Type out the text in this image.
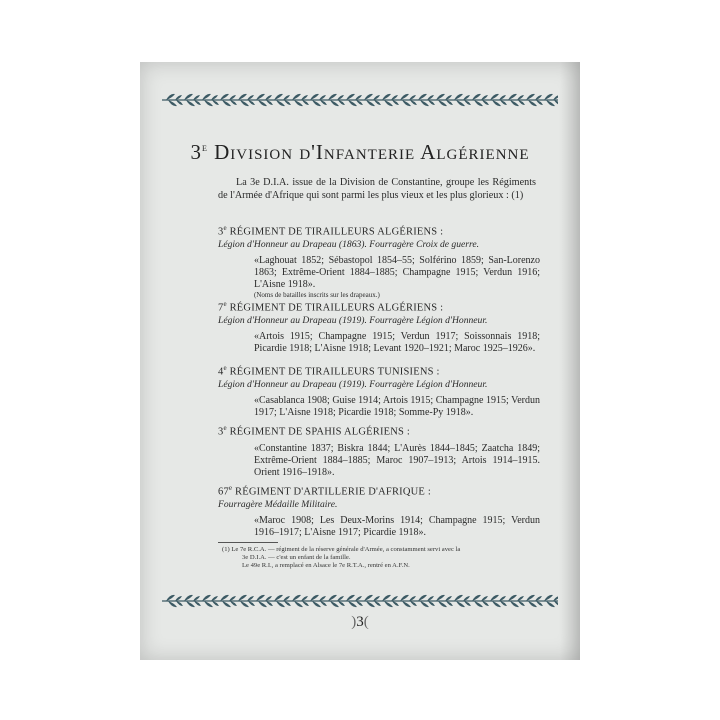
3e Division d'Infanterie Algérienne
La 3e D.I.A. issue de la Division de Constantine, groupe les Régiments de l'Armée d'Afrique qui sont parmi les plus vieux et les plus glorieux : (1)
3e RÉGIMENT DE TIRAILLEURS ALGÉRIENS :
Légion d'Honneur au Drapeau (1863). Fourragère Croix de guerre.
«Laghouat 1852; Sébastopol 1854–55; Solférino 1859; San-Lorenzo 1863; Extrême-Orient 1884–1885; Champagne 1915; Verdun 1916; L'Aisne 1918».
(Noms de batailles inscrits sur les drapeaux.)
7e RÉGIMENT DE TIRAILLEURS ALGÉRIENS :
Légion d'Honneur au Drapeau (1919). Fourragère Légion d'Honneur.
«Artois 1915; Champagne 1915; Verdun 1917; Soissonnais 1918; Picardie 1918; L'Aisne 1918; Levant 1920–1921; Maroc 1925–1926».
4e RÉGIMENT DE TIRAILLEURS TUNISIENS :
Légion d'Honneur au Drapeau (1919). Fourragère Légion d'Honneur.
«Casablanca 1908; Guise 1914; Artois 1915; Champagne 1915; Verdun 1917; L'Aisne 1918; Picardie 1918; Somme-Py 1918».
3e RÉGIMENT DE SPAHIS ALGÉRIENS :
«Constantine 1837; Biskra 1844; L'Aurès 1844–1845; Zaatcha 1849; Extrême-Orient 1884–1885; Maroc 1907–1913; Artois 1914–1915. Orient 1916–1918».
67e RÉGIMENT D'ARTILLERIE D'AFRIQUE :
Fourragère Médaille Militaire.
«Maroc 1908; Les Deux-Morins 1914; Champagne 1915; Verdun 1916–1917; L'Aisne 1917; Picardie 1918».
(1) Le 7e R.C.A. — régiment de la réserve générale d'Armée, a constamment servi avec la
3e D.I.A. — c'est un enfant de la famille.
Le 49e R.I., a remplacé en Alsace le 7e R.T.A., rentré en A.F.N.
)3(
